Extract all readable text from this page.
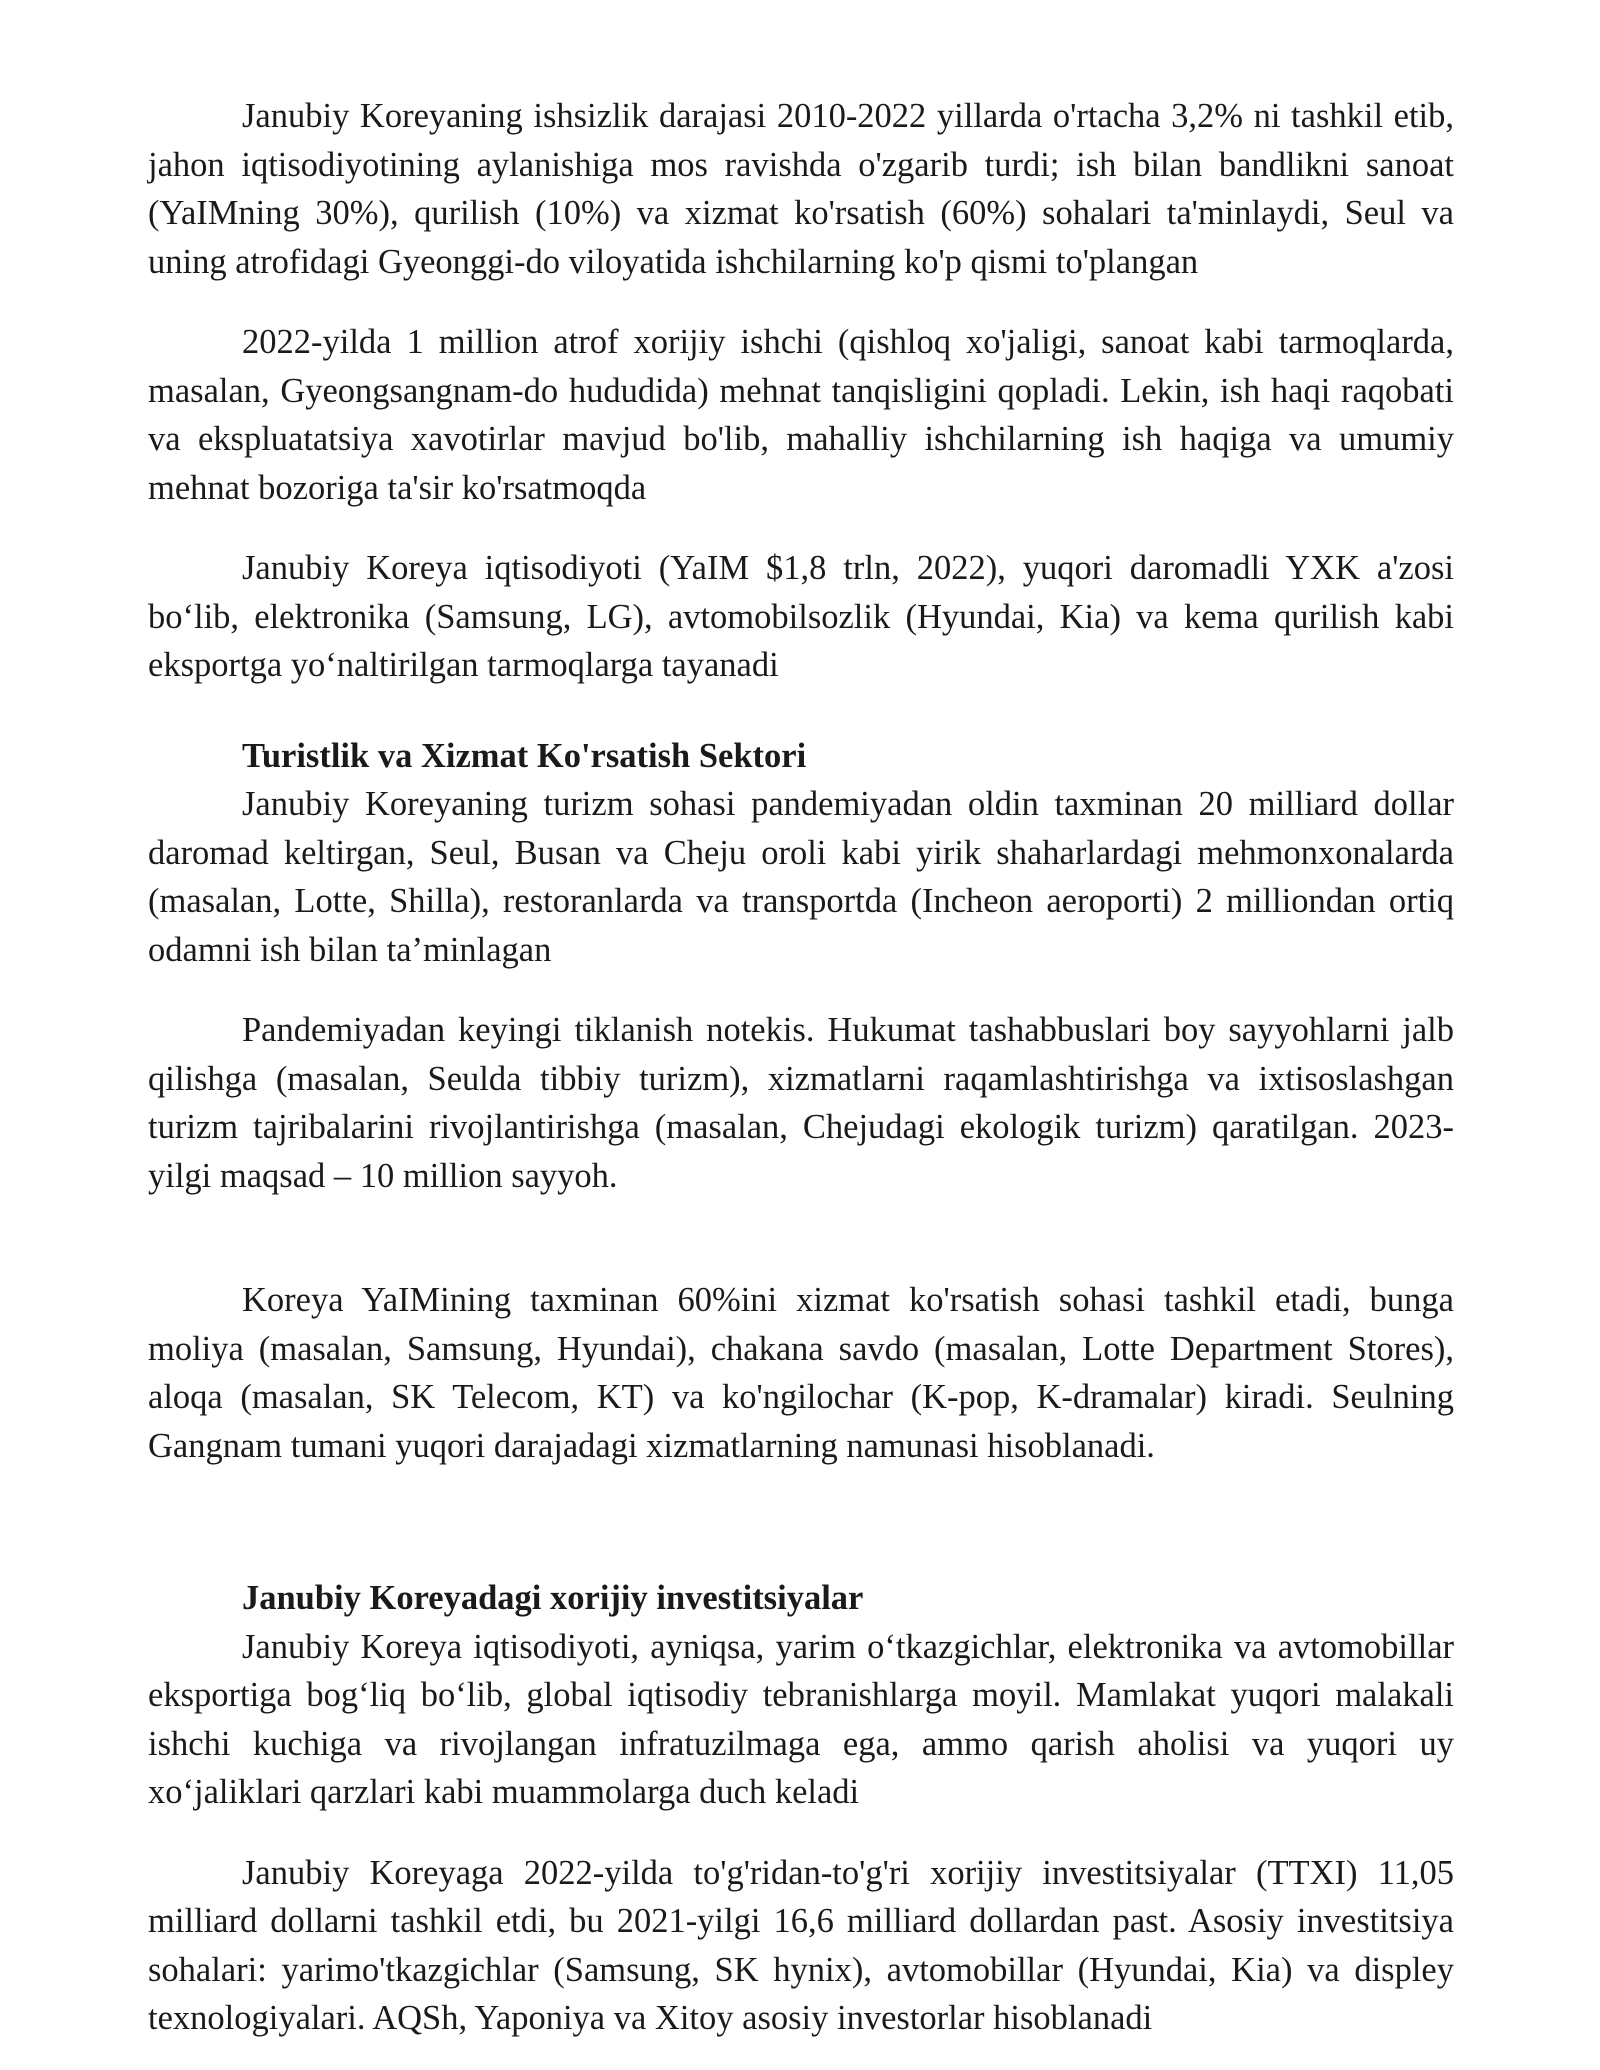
Janubiy Koreyaning ishsizlik darajasi 2010-2022 yillarda o'rtacha 3,2% ni tashkil etib, jahon iqtisodiyotining aylanishiga mos ravishda o'zgarib turdi; ish bilan bandlikni sanoat (YaIMning 30%), qurilish (10%) va xizmat ko'rsatish (60%) sohalari ta'minlaydi, Seul va uning atrofidagi Gyeonggi-do viloyatida ishchilarning ko'p qismi to'plangan

2022-yilda 1 million atrof xorijiy ishchi (qishloq xo'jaligi, sanoat kabi tarmoqlarda, masalan, Gyeongsangnam-do hududida) mehnat tanqisligini qopladi. Lekin, ish haqi raqobati va ekspluatatsiya xavotirlar mavjud bo'lib, mahalliy ishchilarning ish haqiga va umumiy mehnat bozoriga ta'sir ko'rsatmoqda

Janubiy Koreya iqtisodiyoti (YaIM $1,8 trln, 2022), yuqori daromadli YXK a'zosi bo‘lib, elektronika (Samsung, LG), avtomobilsozlik (Hyundai, Kia) va kema qurilish kabi eksportga yo‘naltirilgan tarmoqlarga tayanadi

Turistlik va Xizmat Ko'rsatish Sektori

Janubiy Koreyaning turizm sohasi pandemiyadan oldin taxminan 20 milliard dollar daromad keltirgan, Seul, Busan va Cheju oroli kabi yirik shaharlardagi mehmonxonalarda (masalan, Lotte, Shilla), restoranlarda va transportda (Incheon aeroporti) 2 milliondan ortiq odamni ish bilan ta’minlagan

Pandemiyadan keyingi tiklanish notekis. Hukumat tashabbuslari boy sayyohlarni jalb qilishga (masalan, Seulda tibbiy turizm), xizmatlarni raqamlashtirishga va ixtisoslashgan turizm tajribalarini rivojlantirishga (masalan, Chejudagi ekologik turizm) qaratilgan. 2023-yilgi maqsad – 10 million sayyoh.

Koreya YaIMining taxminan 60%ini xizmat ko'rsatish sohasi tashkil etadi, bunga moliya (masalan, Samsung, Hyundai), chakana savdo (masalan, Lotte Department Stores), aloqa (masalan, SK Telecom, KT) va ko'ngilochar (K-pop, K-dramalar) kiradi. Seulning Gangnam tumani yuqori darajadagi xizmatlarning namunasi hisoblanadi.

Janubiy Koreyadagi xorijiy investitsiyalar

Janubiy Koreya iqtisodiyoti, ayniqsa, yarim o‘tkazgichlar, elektronika va avtomobillar eksportiga bog‘liq bo‘lib, global iqtisodiy tebranishlarga moyil. Mamlakat yuqori malakali ishchi kuchiga va rivojlangan infratuzilmaga ega, ammo qarish aholisi va yuqori uy xo‘jaliklari qarzlari kabi muammolarga duch keladi

Janubiy Koreyaga 2022-yilda to'g'ridan-to'g'ri xorijiy investitsiyalar (TTXI) 11,05 milliard dollarni tashkil etdi, bu 2021-yilgi 16,6 milliard dollardan past. Asosiy investitsiya sohalari: yarimo'tkazgichlar (Samsung, SK hynix), avtomobillar (Hyundai, Kia) va displey texnologiyalari. AQSh, Yaponiya va Xitoy asosiy investorlar hisoblanadi
